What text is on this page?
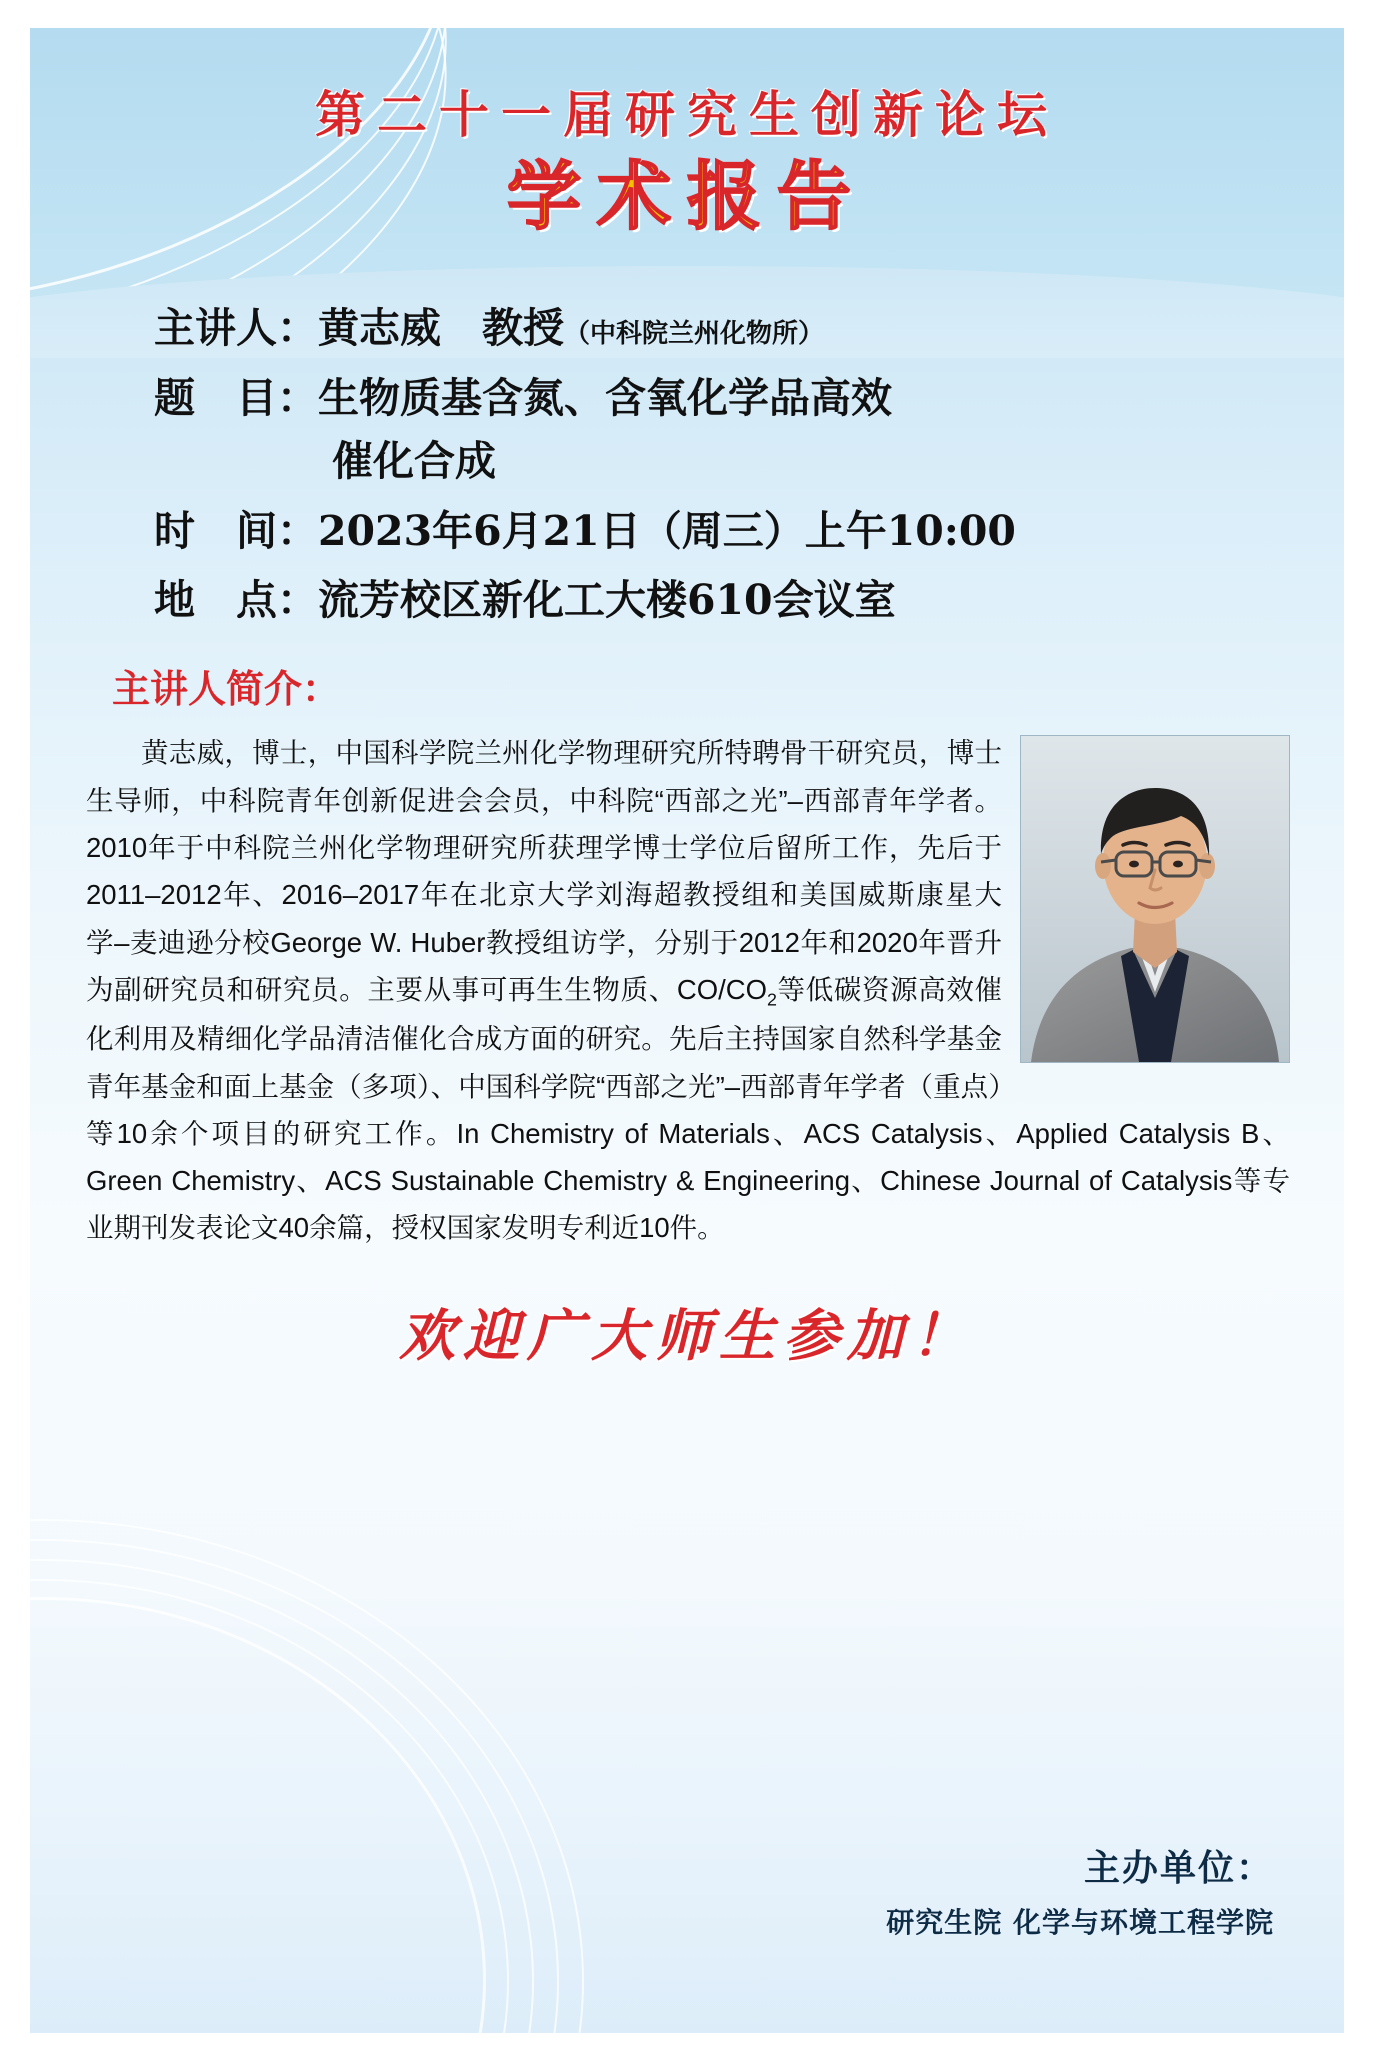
第二十一届研究生创新论坛
学术报告
主讲人： 黄志威　教授（中科院兰州化物所）
题　目： 生物质基含氮、含氧化学品高效
催化合成
时　间： 2023年6月21日（周三）上午10:00
地　点： 流芳校区新化工大楼610会议室
主讲人简介：

黄志威，博士，中国科学院兰州化学物理研究所特聘骨干研究员，博士生导师，中科院青年创新促进会会员，中科院“西部之光”–西部青年学者。2010年于中科院兰州化学物理研究所获理学博士学位后留所工作，先后于2011–2012年、2016–2017年在北京大学刘海超教授组和美国威斯康星大学–麦迪逊分校George W. Huber教授组访学，分别于2012年和2020年晋升为副研究员和研究员。主要从事可再生生物质、$CO/CO_2$等低碳资源高效催化利用及精细化学品清洁催化合成方面的研究。先后主持国家自然科学基金青年基金和面上基金（多项）、中国科学院“西部之光”–西部青年学者（重点）等10余个项目的研究工作。In Chemistry of Materials、ACS Catalysis、Applied Catalysis B、Green Chemistry、ACS Sustainable Chemistry & Engineering、Chinese Journal of Catalysis等专业期刊发表论文40余篇，授权国家发明专利近10件。

欢迎广大师生参加！
主办单位：
研究生院 化学与环境工程学院
